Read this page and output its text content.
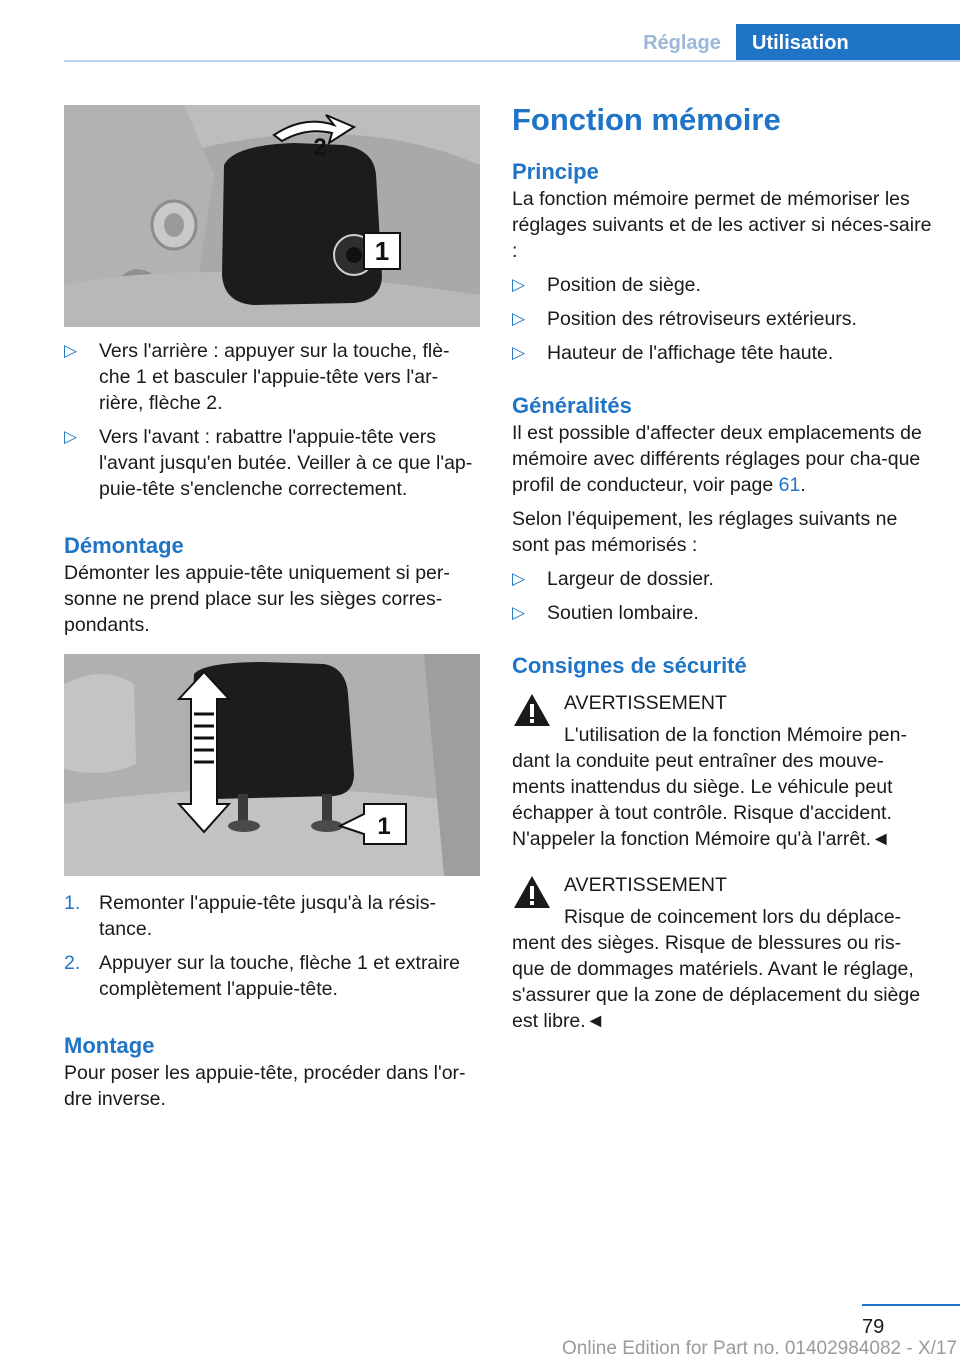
Réglage	Utilisation
1
2
▷ Vers l'arrière : appuyer sur la touche, flè-che 1 et basculer l'appuie-tête vers l'ar-rière, flèche 2.
▷ Vers l'avant : rabattre l'appuie-tête vers l'avant jusqu'en butée. Veiller à ce que l'ap-puie-tête s'enclenche correctement.
Démontage
Démonter les appuie-tête uniquement si per-sonne ne prend place sur les sièges corres-pondants.
1
1. Remonter l'appuie-tête jusqu'à la résis-tance.
2. Appuyer sur la touche, flèche 1 et extraire complètement l'appuie-tête.
Montage
Pour poser les appuie-tête, procéder dans l'or-dre inverse.
Fonction mémoire
Principe
La fonction mémoire permet de mémoriser les réglages suivants et de les activer si néces-saire :
▷ Position de siège.
▷ Position des rétroviseurs extérieurs.
▷ Hauteur de l'affichage tête haute.
Généralités
Il est possible d'affecter deux emplacements de mémoire avec différents réglages pour cha-que profil de conducteur, voir page 61.
Selon l'équipement, les réglages suivants ne sont pas mémorisés :
▷ Largeur de dossier.
▷ Soutien lombaire.
Consignes de sécurité
AVERTISSEMENT
L'utilisation de la fonction Mémoire pen-
dant la conduite peut entraîner des mouve-ments inattendus du siège. Le véhicule peut échapper à tout contrôle. Risque d'accident. N'appeler la fonction Mémoire qu'à l'arrêt.◄
AVERTISSEMENT
Risque de coincement lors du déplace-
ment des sièges. Risque de blessures ou ris-que de dommages matériels. Avant le réglage, s'assurer que la zone de déplacement du siège est libre.◄
79
Online Edition for Part no. 01402984082 - X/17
